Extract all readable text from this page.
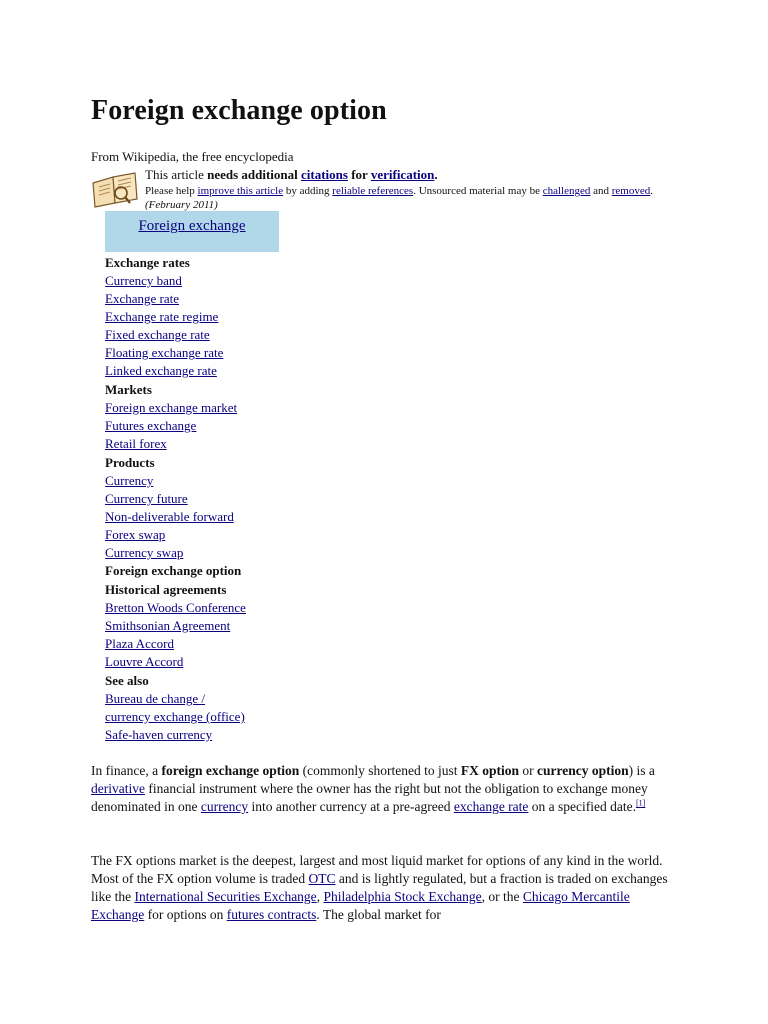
Foreign exchange option
From Wikipedia, the free encyclopedia
This article needs additional citations for verification.
Please help improve this article by adding reliable references. Unsourced material may be challenged and removed. (February 2011)
Foreign exchange
Exchange rates
Currency band
Exchange rate
Exchange rate regime
Fixed exchange rate
Floating exchange rate
Linked exchange rate
Markets
Foreign exchange market
Futures exchange
Retail forex
Products
Currency
Currency future
Non-deliverable forward
Forex swap
Currency swap
Foreign exchange option
Historical agreements
Bretton Woods Conference
Smithsonian Agreement
Plaza Accord
Louvre Accord
See also
Bureau de change /
currency exchange (office)
Safe-haven currency
In finance, a foreign exchange option (commonly shortened to just FX option or currency option) is a derivative financial instrument where the owner has the right but not the obligation to exchange money denominated in one currency into another currency at a pre-agreed exchange rate on a specified date.[1]
The FX options market is the deepest, largest and most liquid market for options of any kind in the world. Most of the FX option volume is traded OTC and is lightly regulated, but a fraction is traded on exchanges like the International Securities Exchange, Philadelphia Stock Exchange, or the Chicago Mercantile Exchange for options on futures contracts. The global market for
